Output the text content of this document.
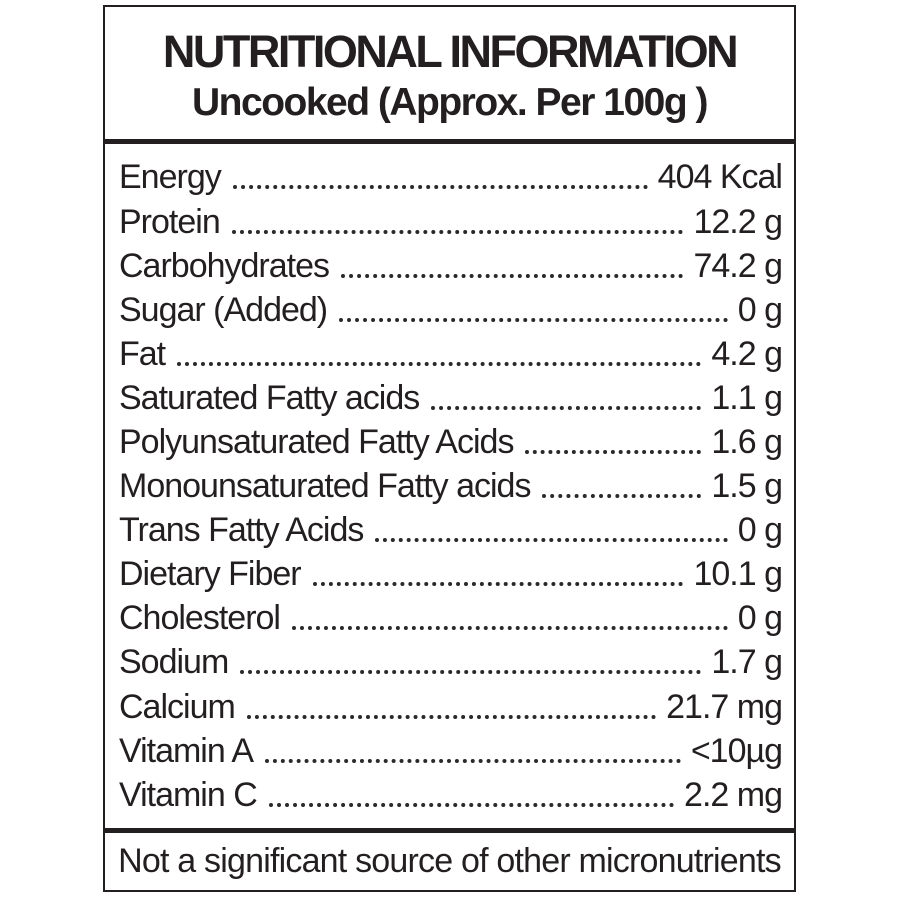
NUTRITIONAL INFORMATION
Uncooked (Approx. Per 100g )
Energy	404 Kcal
Protein	12.2 g
Carbohydrates	74.2 g
Sugar (Added)	0 g
Fat	4.2 g
Saturated Fatty acids	1.1 g
Polyunsaturated Fatty Acids	1.6 g
Monounsaturated Fatty acids	1.5 g
Trans Fatty Acids	0 g
Dietary Fiber	10.1 g
Cholesterol	0 g
Sodium	1.7 g
Calcium	21.7 mg
Vitamin A	<10µg
Vitamin C	2.2 mg
Not a significant source of other micronutrients
